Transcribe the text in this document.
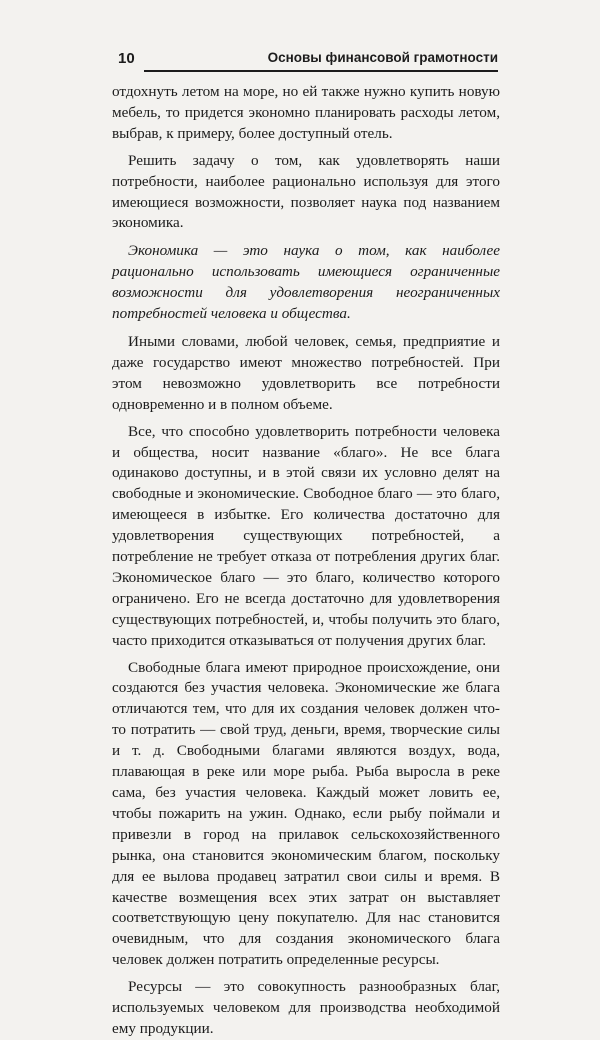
10	Основы финансовой грамотности

отдохнуть летом на море, но ей также нужно купить новую мебель, то придется экономно планировать расходы летом, выбрав, к примеру, более доступный отель.

Решить задачу о том, как удовлетворять наши потребности, наиболее рационально используя для этого имеющиеся возможности, позволяет наука под названием экономика.

Экономика — это наука о том, как наиболее рационально использовать имеющиеся ограниченные возможности для удовлетворения неограниченных потребностей человека и общества.

Иными словами, любой человек, семья, предприятие и даже государство имеют множество потребностей. При этом невозможно удовлетворить все потребности одновременно и в полном объеме.

Все, что способно удовлетворить потребности человека и общества, носит название «благо». Не все блага одинаково доступны, и в этой связи их условно делят на свободные и экономические. Свободное благо — это благо, имеющееся в избытке. Его количества достаточно для удовлетворения существующих потребностей, а потребление не требует отказа от потребления других благ. Экономическое благо — это благо, количество которого ограничено. Его не всегда достаточно для удовлетворения существующих потребностей, и, чтобы получить это благо, часто приходится отказываться от получения других благ.

Свободные блага имеют природное происхождение, они создаются без участия человека. Экономические же блага отличаются тем, что для их создания человек должен что-то потратить — свой труд, деньги, время, творческие силы и т. д. Свободными благами являются воздух, вода, плавающая в реке или море рыба. Рыба выросла в реке сама, без участия человека. Каждый может ловить ее, чтобы пожарить на ужин. Однако, если рыбу поймали и привезли в город на прилавок сельскохозяйственного рынка, она становится экономическим благом, поскольку для ее вылова продавец затратил свои силы и время. В качестве возмещения всех этих затрат он выставляет соответствующую цену покупателю. Для нас становится очевидным, что для создания экономического блага человек должен потратить определенные ресурсы.

Ресурсы — это совокупность разнообразных благ, используемых человеком для производства необходимой ему продукции.
